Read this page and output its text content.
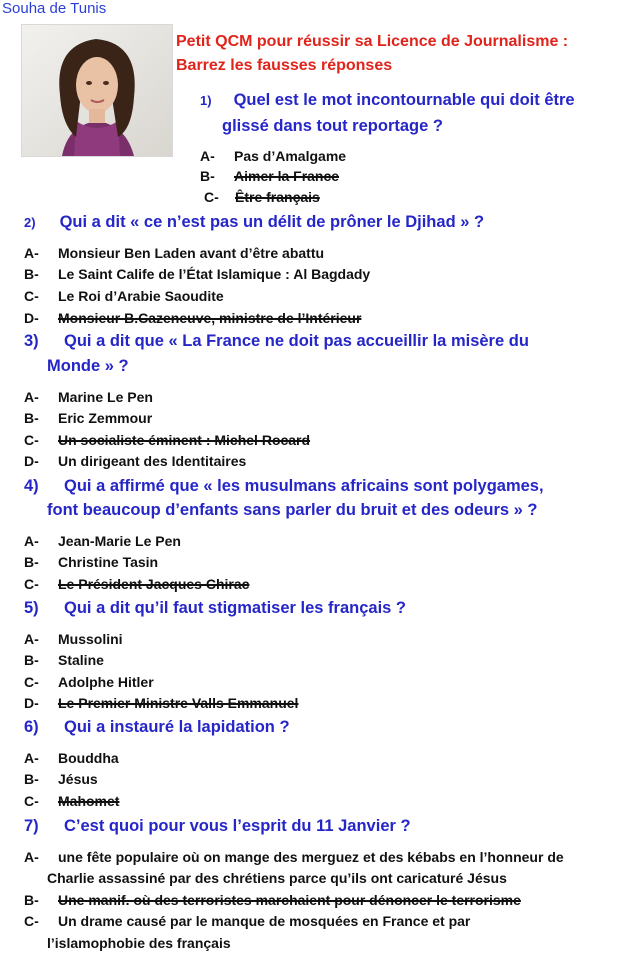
Souha de Tunis
Petit QCM pour réussir sa Licence de Journalisme :
Barrez les fausses réponses
1) Quel est le mot incontournable qui doit être
glissé dans tout reportage ?
A- Pas d’Amalgame
B- Aimer la France
C- Être français
2) Qui a dit « ce n’est pas un délit de prôner le Djihad » ?
A- Monsieur Ben Laden avant d’être abattu
B- Le Saint Calife de l’État Islamique : Al Bagdady
C- Le Roi d’Arabie Saoudite
D- Monsieur B.Cazeneuve, ministre de l’Intérieur
3) Qui a dit que « La France ne doit pas accueillir la misère du
Monde » ?
A- Marine Le Pen
B- Eric Zemmour
C- Un socialiste éminent : Michel Rocard
D- Un dirigeant des Identitaires
4) Qui a affirmé que « les musulmans africains sont polygames,
font beaucoup d’enfants sans parler du bruit et des odeurs » ?
A- Jean-Marie Le Pen
B- Christine Tasin
C- Le Président Jacques Chirac
5) Qui a dit qu’il faut stigmatiser les français ?
A- Mussolini
B- Staline
C- Adolphe Hitler
D- Le Premier Ministre Valls Emmanuel
6) Qui a instauré la lapidation ?
A- Bouddha
B- Jésus
C- Mahomet
7) C’est quoi pour vous l’esprit du 11 Janvier ?
A- une fête populaire où on mange des merguez et des kébabs en l’honneur de
Charlie assassiné par des chrétiens parce qu’ils ont caricaturé Jésus
B- Une manif. où des terroristes marchaient pour dénoncer le terrorisme
C- Un drame causé par le manque de mosquées en France et par
l’islamophobie des français
